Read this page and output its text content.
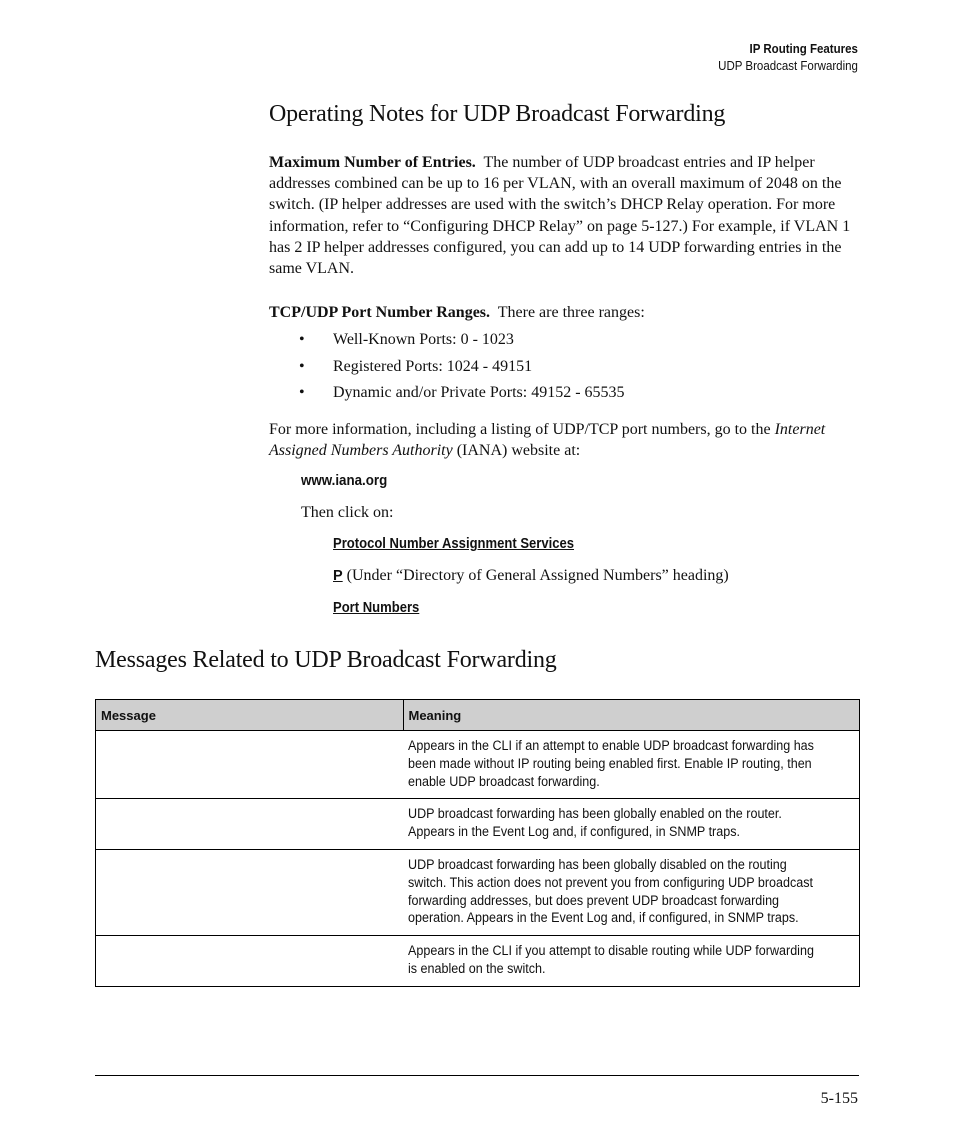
IP Routing Features
UDP Broadcast Forwarding
Operating Notes for UDP Broadcast Forwarding

Maximum Number of Entries. The number of UDP broadcast entries and IP helper addresses combined can be up to 16 per VLAN, with an overall maximum of 2048 on the switch. (IP helper addresses are used with the switch’s DHCP Relay operation. For more information, refer to “Configuring DHCP Relay” on page 5-127.) For example, if VLAN 1 has 2 IP helper addresses configured, you can add up to 14 UDP forwarding entries in the same VLAN.

TCP/UDP Port Number Ranges. There are three ranges:

• Well-Known Ports: 0 - 1023
• Registered Ports: 1024 - 49151
• Dynamic and/or Private Ports: 49152 - 65535

For more information, including a listing of UDP/TCP port numbers, go to the Internet Assigned Numbers Authority (IANA) website at:

www.iana.org
Then click on:
Protocol Number Assignment Services
P (Under “Directory of General Assigned Numbers” heading)
Port Numbers
Messages Related to UDP Broadcast Forwarding
Message	Meaning

	Appears in the CLI if an attempt to enable UDP broadcast forwarding has been made without IP routing being enabled first. Enable IP routing, then enable UDP broadcast forwarding.

	UDP broadcast forwarding has been globally enabled on the router. Appears in the Event Log and, if configured, in SNMP traps.

	UDP broadcast forwarding has been globally disabled on the routing switch. This action does not prevent you from configuring UDP broadcast forwarding addresses, but does prevent UDP broadcast forwarding operation. Appears in the Event Log and, if configured, in SNMP traps.

	Appears in the CLI if you attempt to disable routing while UDP forwarding is enabled on the switch.
5-155
